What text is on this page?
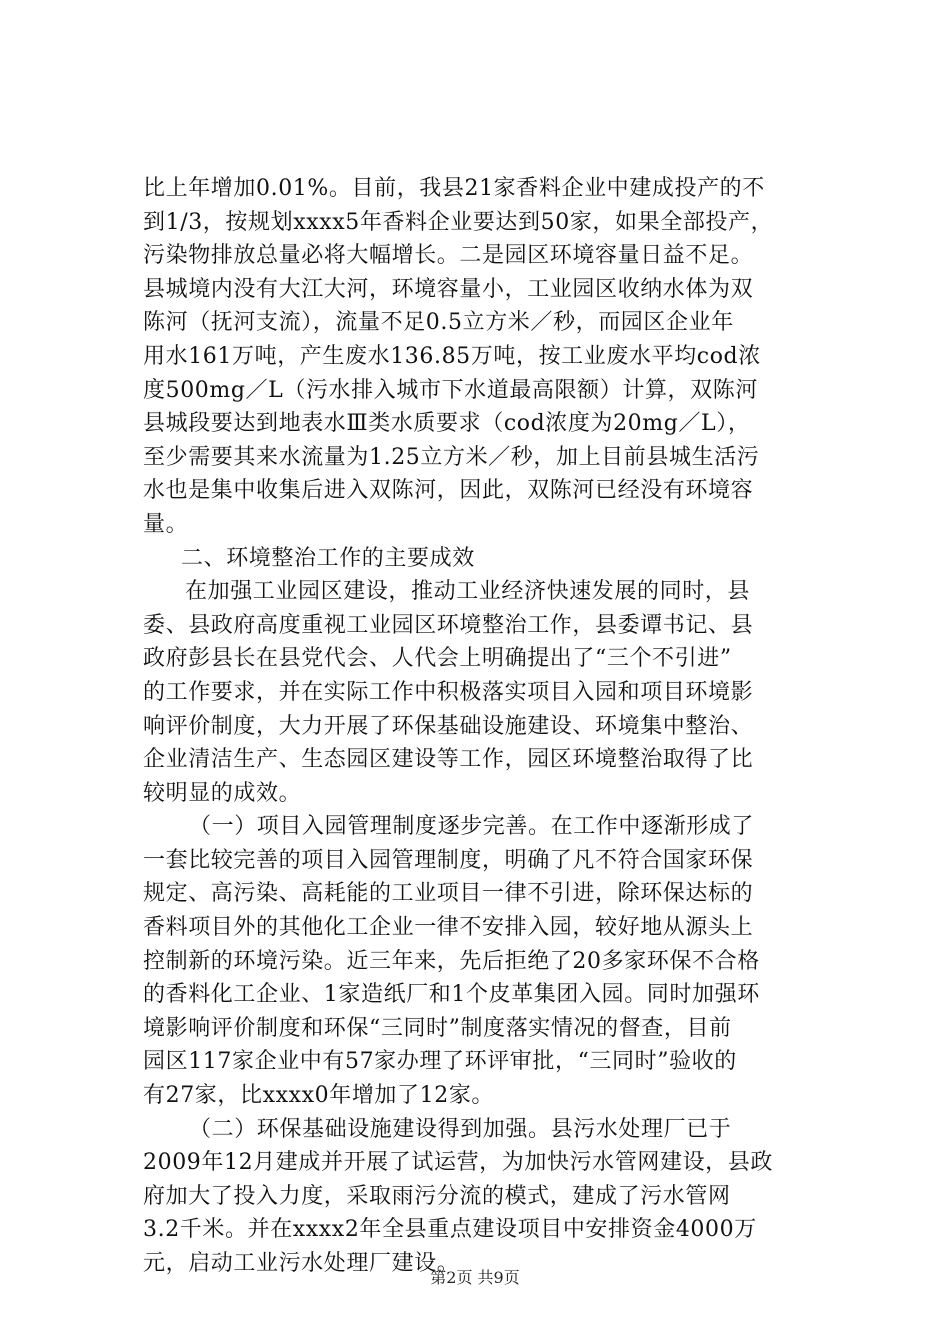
比上年增加0.01%。目前，我县21家香料企业中建成投产的不
到1/3，按规划xxxx5年香料企业要达到50家，如果全部投产，
污染物排放总量必将大幅增长。二是园区环境容量日益不足。
县城境内没有大江大河，环境容量小，工业园区收纳水体为双
陈河（抚河支流），流量不足0.5立方米／秒，而园区企业年
用水161万吨，产生废水136.85万吨，按工业废水平均cod浓
度500mg／L（污水排入城市下水道最高限额）计算，双陈河
县城段要达到地表水Ⅲ类水质要求（cod浓度为20mg／L），
至少需要其来水流量为1.25立方米／秒，加上目前县城生活污
水也是集中收集后进入双陈河，因此，双陈河已经没有环境容
量。
二、环境整治工作的主要成效
在加强工业园区建设，推动工业经济快速发展的同时，县
委、县政府高度重视工业园区环境整治工作，县委谭书记、县
政府彭县长在县党代会、人代会上明确提出了“三个不引进”
的工作要求，并在实际工作中积极落实项目入园和项目环境影
响评价制度，大力开展了环保基础设施建设、环境集中整治、
企业清洁生产、生态园区建设等工作，园区环境整治取得了比
较明显的成效。
（一）项目入园管理制度逐步完善。在工作中逐渐形成了
一套比较完善的项目入园管理制度，明确了凡不符合国家环保
规定、高污染、高耗能的工业项目一律不引进，除环保达标的
香料项目外的其他化工企业一律不安排入园，较好地从源头上
控制新的环境污染。近三年来，先后拒绝了20多家环保不合格
的香料化工企业、1家造纸厂和1个皮革集团入园。同时加强环
境影响评价制度和环保“三同时”制度落实情况的督查，目前
园区117家企业中有57家办理了环评审批，“三同时”验收的
有27家，比xxxx0年增加了12家。
（二）环保基础设施建设得到加强。县污水处理厂已于
2009年12月建成并开展了试运营，为加快污水管网建设，县政
府加大了投入力度，采取雨污分流的模式，建成了污水管网
3.2千米。并在xxxx2年全县重点建设项目中安排资金4000万
元，启动工业污水处理厂建设。
第2页 共9页
